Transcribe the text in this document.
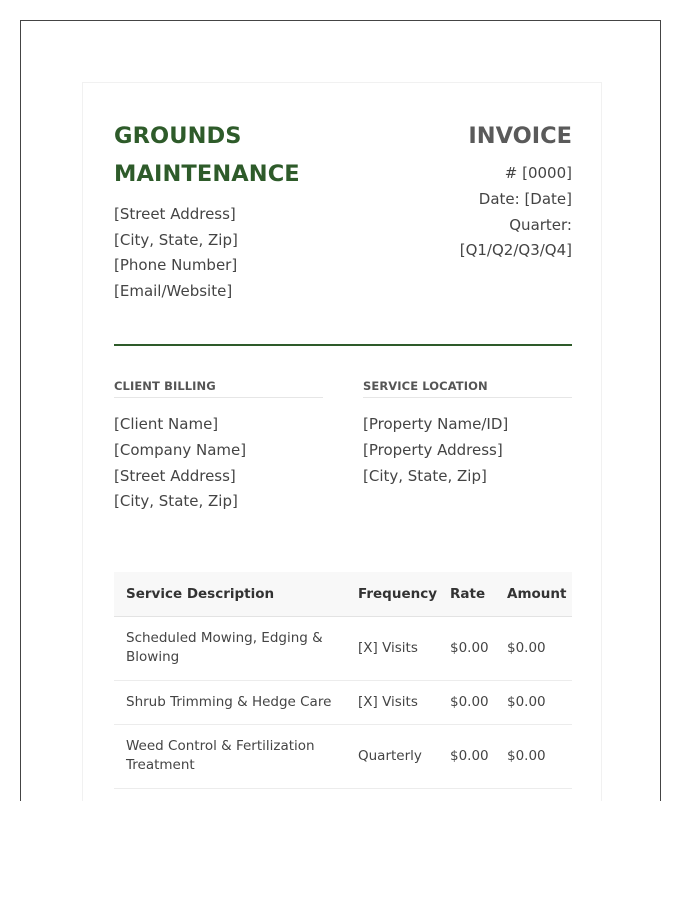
GROUNDS
MAINTENANCE
[Street Address]
[City, State, Zip]
[Phone Number]
[Email/Website]
INVOICE
# [0000]
Date: [Date]
Quarter:
[Q1/Q2/Q3/Q4]
CLIENT BILLING
[Client Name]
[Company Name]
[Street Address]
[City, State, Zip]
SERVICE LOCATION
[Property Name/ID]
[Property Address]
[City, State, Zip]
Service Description	Frequency	Rate	Amount
Scheduled Mowing, Edging & Blowing	[X] Visits	$0.00	$0.00
Shrub Trimming & Hedge Care	[X] Visits	$0.00	$0.00
Weed Control & Fertilization Treatment	Quarterly	$0.00	$0.00
